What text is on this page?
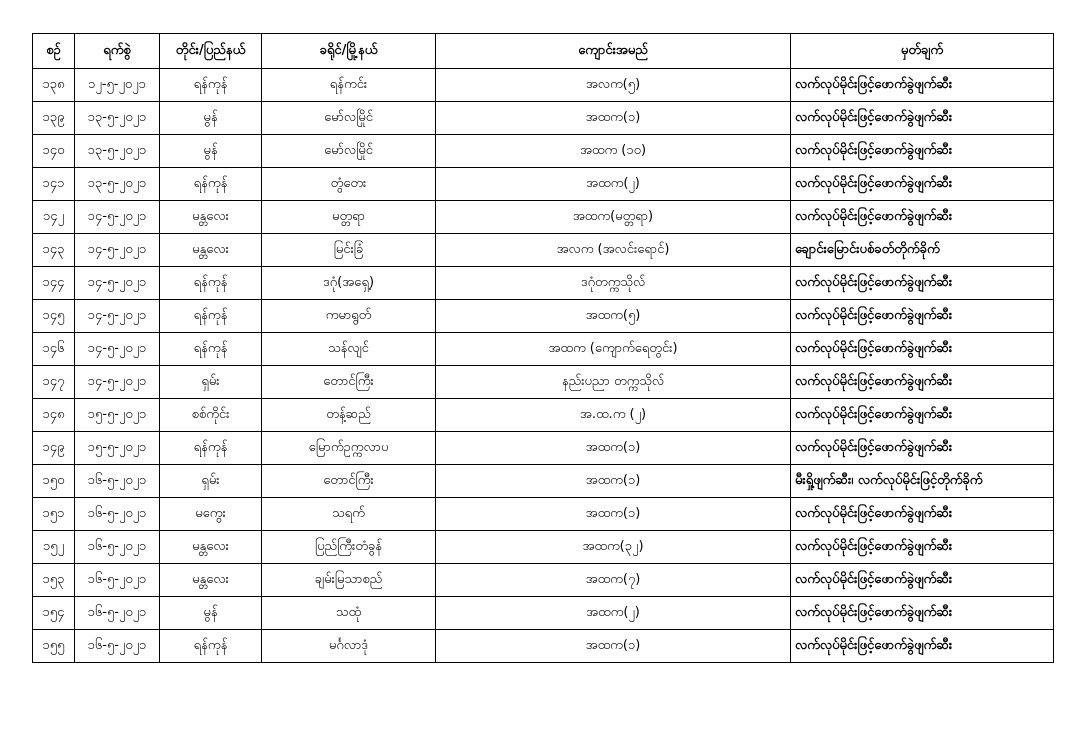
စဉ်	ရက်စွဲ	တိုင်း/ပြည်နယ်	ခရိုင်/မြို့နယ်	ကျောင်းအမည်	မှတ်ချက်
၁၃၈	၁၂-၅-၂၀၂၁	ရန်ကုန်	ရန်ကင်း	အလက(၅)	လက်လုပ်မိုင်းဖြင့်ဖောက်ခွဲဖျက်ဆီး
၁၃၉	၁၃-၅-၂၀၂၁	မွန်	မော်လမြိုင်	အထက(၁)	လက်လုပ်မိုင်းဖြင့်ဖောက်ခွဲဖျက်ဆီး
၁၄၀	၁၃-၅-၂၀၂၁	မွန်	မော်လမြိုင်	အထက (၁၀)	လက်လုပ်မိုင်းဖြင့်ဖောက်ခွဲဖျက်ဆီး
၁၄၁	၁၃-၅-၂၀၂၁	ရန်ကုန်	တွံတေး	အထက(၂)	လက်လုပ်မိုင်းဖြင့်ဖောက်ခွဲဖျက်ဆီး
၁၄၂	၁၄-၅-၂၀၂၁	မန္တလေး	မတ္တရာ	အထက(မတ္တရာ)	လက်လုပ်မိုင်းဖြင့်ဖောက်ခွဲဖျက်ဆီး
၁၄၃	၁၄-၅-၂၀၂၁	မန္တလေး	မြင်းခြံ	အလက (အလင်းရောင်)	ချောင်းမြောင်းပစ်ခတ်တိုက်ခိုက်
၁၄၄	၁၄-၅-၂၀၂၁	ရန်ကုန်	ဒဂုံ(အရှေ့)	ဒဂုံတက္ကသိုလ်	လက်လုပ်မိုင်းဖြင့်ဖောက်ခွဲဖျက်ဆီး
၁၄၅	၁၄-၅-၂၀၂၁	ရန်ကုန်	ကမာရွတ်	အထက(၅)	လက်လုပ်မိုင်းဖြင့်ဖောက်ခွဲဖျက်ဆီး
၁၄၆	၁၄-၅-၂၀၂၁	ရန်ကုန်	သန်လျင်	အထက (ကျောက်ရေတွင်း)	လက်လုပ်မိုင်းဖြင့်ဖောက်ခွဲဖျက်ဆီး
၁၄၇	၁၄-၅-၂၀၂၁	ရှမ်း	တောင်ကြီး	နည်းပညာ တက္ကသိုလ်	လက်လုပ်မိုင်းဖြင့်ဖောက်ခွဲဖျက်ဆီး
၁၄၈	၁၅-၅-၂၀၂၁	စစ်ကိုင်း	တန့်ဆည်	အ.ထ.က (၂)	လက်လုပ်မိုင်းဖြင့်ဖောက်ခွဲဖျက်ဆီး
၁၄၉	၁၅-၅-၂၀၂၁	ရန်ကုန်	မြောက်ဥက္ကလာပ	အထက(၁)	လက်လုပ်မိုင်းဖြင့်ဖောက်ခွဲဖျက်ဆီး
၁၅၀	၁၆-၅-၂၀၂၁	ရှမ်း	တောင်ကြီး	အထက(၁)	မီးရှို့ဖျက်ဆီး၊ လက်လုပ်မိုင်းဖြင့်တိုက်ခိုက်
၁၅၁	၁၆-၅-၂၀၂၁	မကွေး	သရက်	အထက(၁)	လက်လုပ်မိုင်းဖြင့်ဖောက်ခွဲဖျက်ဆီး
၁၅၂	၁၆-၅-၂၀၂၁	မန္တလေး	ပြည်ကြီးတံခွန်	အထက(၃၂)	လက်လုပ်မိုင်းဖြင့်ဖောက်ခွဲဖျက်ဆီး
၁၅၃	၁၆-၅-၂၀၂၁	မန္တလေး	ချမ်းမြသာစည်	အထက(၇)	လက်လုပ်မိုင်းဖြင့်ဖောက်ခွဲဖျက်ဆီး
၁၅၄	၁၆-၅-၂၀၂၁	မွန်	သထုံ	အထက(၂)	လက်လုပ်မိုင်းဖြင့်ဖောက်ခွဲဖျက်ဆီး
၁၅၅	၁၆-၅-၂၀၂၁	ရန်ကုန်	မင်္ဂလာဒုံ	အထက(၁)	လက်လုပ်မိုင်းဖြင့်ဖောက်ခွဲဖျက်ဆီး
